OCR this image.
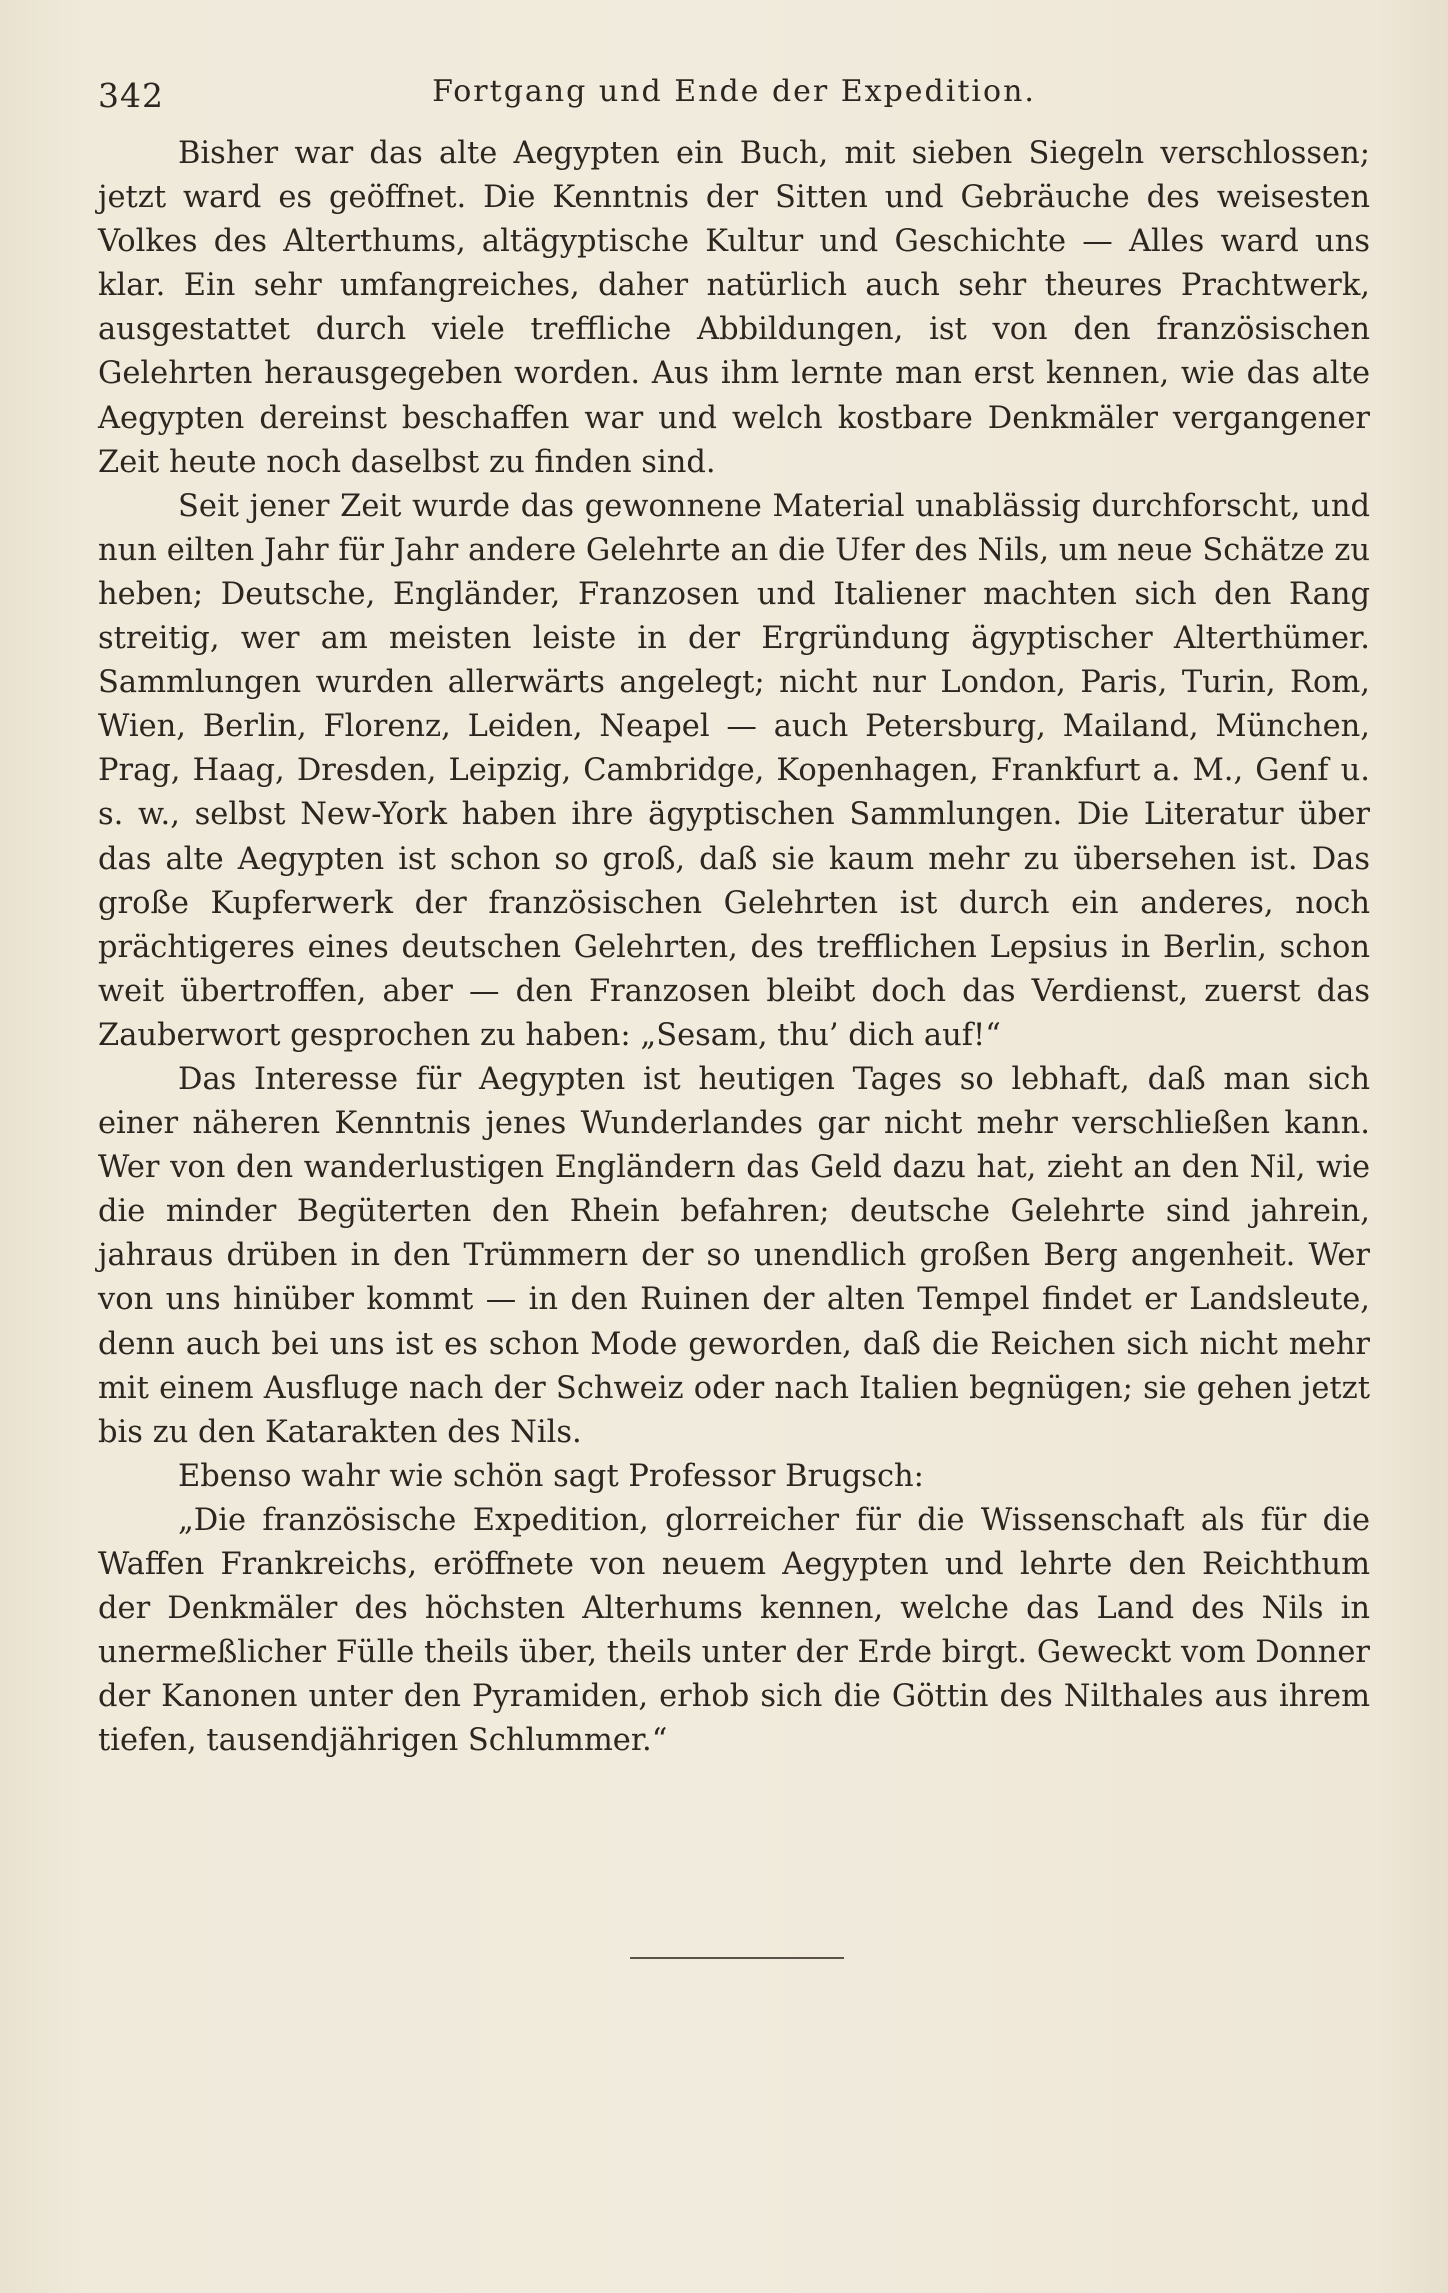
342	Fortgang und Ende der Expedition.

Bisher war das alte Aegypten ein Buch, mit sieben Siegeln verschlossen; jetzt ward es geöffnet. Die Kenntnis der Sitten und Gebräuche des weisesten Volkes des Alterthums, altägyptische Kultur und Geschichte — Alles ward uns klar. Ein sehr umfangreiches, daher natürlich auch sehr theures Prachtwerk, ausgestattet durch viele treffliche Abbildungen, ist von den französischen Gelehrten herausgegeben worden. Aus ihm lernte man erst kennen, wie das alte Aegypten dereinst beschaffen war und welch kostbare Denkmäler vergangener Zeit heute noch daselbst zu finden sind.

Seit jener Zeit wurde das gewonnene Material unablässig durchforscht, und nun eilten Jahr für Jahr andere Gelehrte an die Ufer des Nils, um neue Schätze zu heben; Deutsche, Engländer, Franzosen und Italiener machten sich den Rang streitig, wer am meisten leiste in der Ergründung ägyptischer Alterthümer. Sammlungen wurden allerwärts angelegt; nicht nur London, Paris, Turin, Rom, Wien, Berlin, Florenz, Leiden, Neapel — auch Petersburg, Mailand, München, Prag, Haag, Dresden, Leipzig, Cambridge, Kopenhagen, Frankfurt a. M., Genf u. s. w., selbst New-York haben ihre ägyptischen Sammlungen. Die Literatur über das alte Aegypten ist schon so groß, daß sie kaum mehr zu übersehen ist. Das große Kupferwerk der französischen Gelehrten ist durch ein anderes, noch prächtigeres eines deutschen Gelehrten, des trefflichen Lepsius in Berlin, schon weit übertroffen, aber — den Franzosen bleibt doch das Verdienst, zuerst das Zauberwort gesprochen zu haben: „Sesam, thu’ dich auf!“

Das Interesse für Aegypten ist heutigen Tages so lebhaft, daß man sich einer näheren Kenntnis jenes Wunderlandes gar nicht mehr verschließen kann. Wer von den wanderlustigen Engländern das Geld dazu hat, zieht an den Nil, wie die minder Begüterten den Rhein befahren; deutsche Gelehrte sind jahrein, jahraus drüben in den Trümmern der so unendlich großen Berg angenheit. Wer von uns hinüber kommt — in den Ruinen der alten Tempel findet er Landsleute, denn auch bei uns ist es schon Mode geworden, daß die Reichen sich nicht mehr mit einem Ausfluge nach der Schweiz oder nach Italien begnügen; sie gehen jetzt bis zu den Katarakten des Nils.

Ebenso wahr wie schön sagt Professor Brugsch:

„Die französische Expedition, glorreicher für die Wissenschaft als für die Waffen Frankreichs, eröffnete von neuem Aegypten und lehrte den Reichthum der Denkmäler des höchsten Alterhums kennen, welche das Land des Nils in unermeßlicher Fülle theils über, theils unter der Erde birgt. Geweckt vom Donner der Kanonen unter den Pyramiden, erhob sich die Göttin des Nilthales aus ihrem tiefen, tausendjährigen Schlummer.“
